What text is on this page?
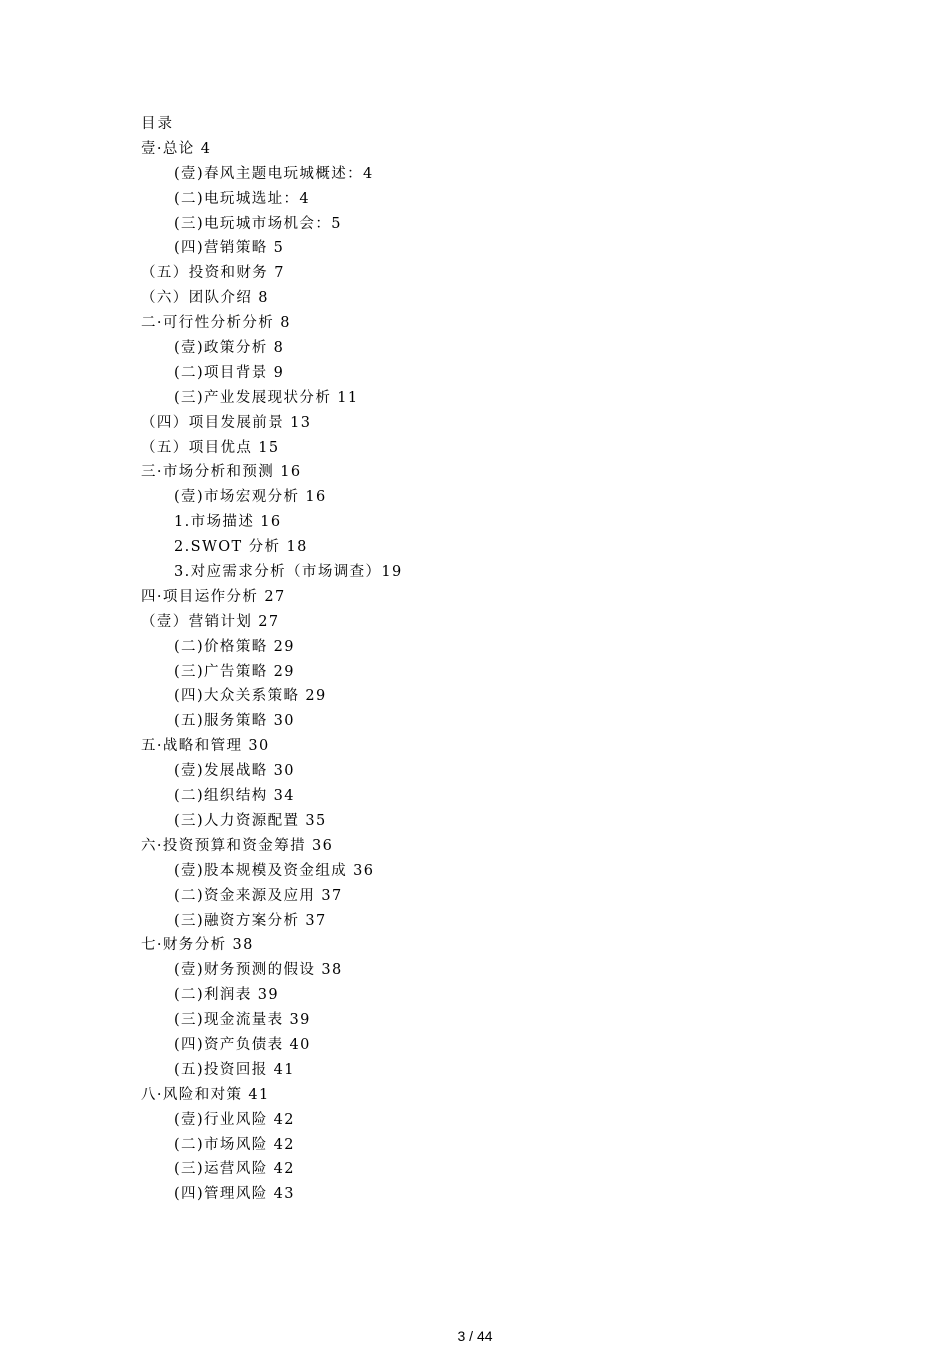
目录
壹·总论 4
(壹)春风主题电玩城概述：4
(二)电玩城选址：4
(三)电玩城市场机会：5
(四)营销策略 5
（五）投资和财务 7
（六）团队介绍 8
二·可行性分析分析 8
(壹)政策分析 8
(二)项目背景 9
(三)产业发展现状分析 11
（四）项目发展前景 13
（五）项目优点 15
三·市场分析和预测 16
(壹)市场宏观分析 16
1.市场描述 16
2.SWOT 分析 18
3.对应需求分析（市场调查）19
四·项目运作分析 27
（壹）营销计划 27
(二)价格策略 29
(三)广告策略 29
(四)大众关系策略 29
(五)服务策略 30
五·战略和管理 30
(壹)发展战略 30
(二)组织结构 34
(三)人力资源配置 35
六·投资预算和资金筹措 36
(壹)股本规模及资金组成 36
(二)资金来源及应用 37
(三)融资方案分析 37
七·财务分析 38
(壹)财务预测的假设 38
(二)利润表 39
(三)现金流量表 39
(四)资产负债表 40
(五)投资回报 41
八·风险和对策 41
(壹)行业风险 42
(二)市场风险 42
(三)运营风险 42
(四)管理风险 43
3 / 44
